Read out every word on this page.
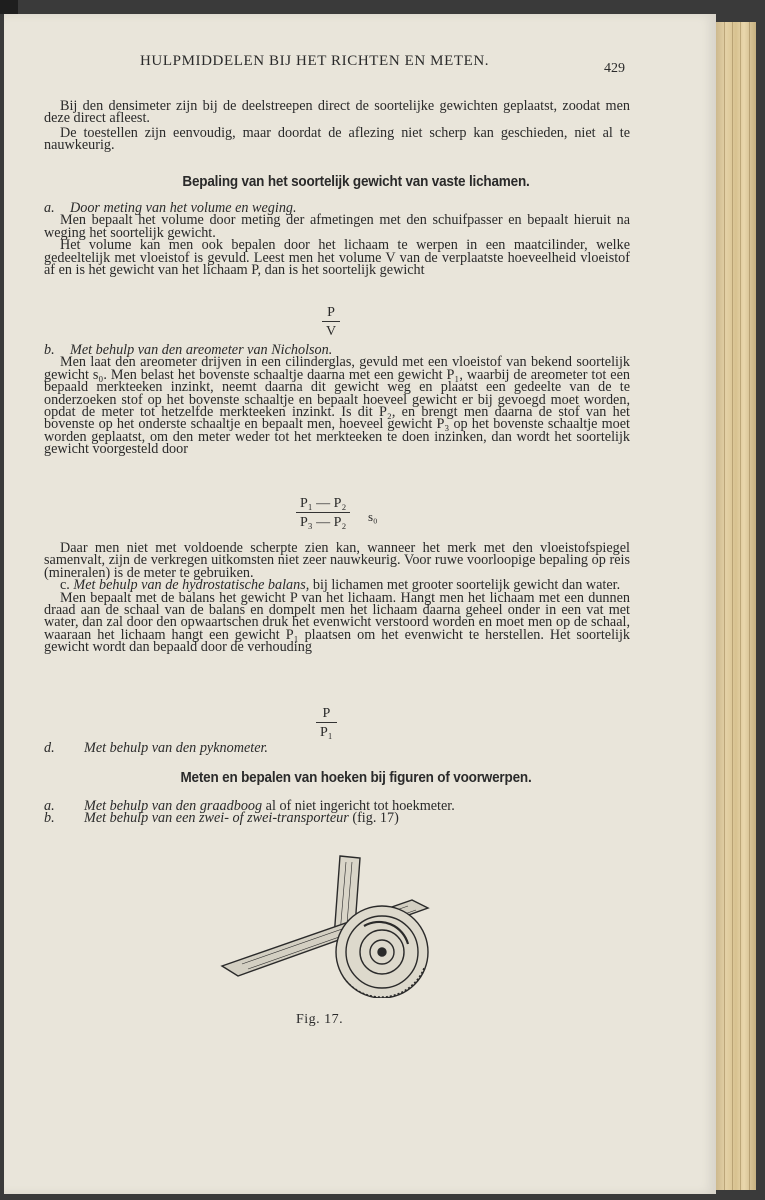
HULPMIDDELEN BIJ HET RICHTEN EN METEN.	429

Bij den densimeter zijn bij de deelstreepen direct de soortelijke gewichten geplaatst, zoodat men deze direct afleest.

De toestellen zijn eenvoudig, maar doordat de aflezing niet scherp kan geschieden, niet al te nauwkeurig.

Bepaling van het soortelijk gewicht van vaste lichamen.

a. Door meting van het volume en weging.

Men bepaalt het volume door meting der afmetingen met den schuifpasser en bepaalt hieruit na weging het soortelijk gewicht.

Het volume kan men ook bepalen door het lichaam te werpen in een maatcilinder, welke gedeeltelijk met vloeistof is gevuld. Leest men het volume V van de verplaatste hoeveelheid vloeistof af en is het gewicht van het lichaam P, dan is het soortelijk gewicht

P
V

b. Met behulp van den areometer van Nicholson.

Men laat den areometer drijven in een cilinderglas, gevuld met een vloeistof van bekend soortelijk gewicht s₀. Men belast het bovenste schaaltje daarna met een gewicht P₁, waarbij de areometer tot een bepaald merkteeken inzinkt, neemt daarna dit gewicht weg en plaatst een gedeelte van de te onderzoeken stof op het bovenste schaaltje en bepaalt hoeveel gewicht er bij gevoegd moet worden, opdat de meter tot hetzelfde merkteeken inzinkt. Is dit P₂, en brengt men daarna de stof van het bovenste op het onderste schaaltje en bepaalt men, hoeveel gewicht P₃ op het bovenste schaaltje moet worden geplaatst, om den meter weder tot het merkteeken te doen inzinken, dan wordt het soortelijk gewicht voorgesteld door

P₁ — P₂
P₃ — P₂	s₀

Daar men niet met voldoende scherpte zien kan, wanneer het merk met den vloeistofspiegel samenvalt, zijn de verkregen uitkomsten niet zeer nauwkeurig. Voor ruwe voorloopige bepaling op reis (mineralen) is de meter te gebruiken.

c. Met behulp van de hydrostatische balans, bij lichamen met grooter soortelijk gewicht dan water.

Men bepaalt met de balans het gewicht P van het lichaam. Hangt men het lichaam met een dunnen draad aan de schaal van de balans en dompelt men het lichaam daarna geheel onder in een vat met water, dan zal door den opwaartschen druk het evenwicht verstoord worden en moet men op de schaal, waaraan het lichaam hangt een gewicht P₁ plaatsen om het evenwicht te herstellen. Het soortelijk gewicht wordt dan bepaald door de verhouding

P
P₁

d. Met behulp van den pyknometer.

Meten en bepalen van hoeken bij figuren of voorwerpen.

a. Met behulp van den graadboog al of niet ingericht tot hoekmeter.

b. Met behulp van een zwei- of zwei-transporteur (fig. 17)

Fig. 17.
